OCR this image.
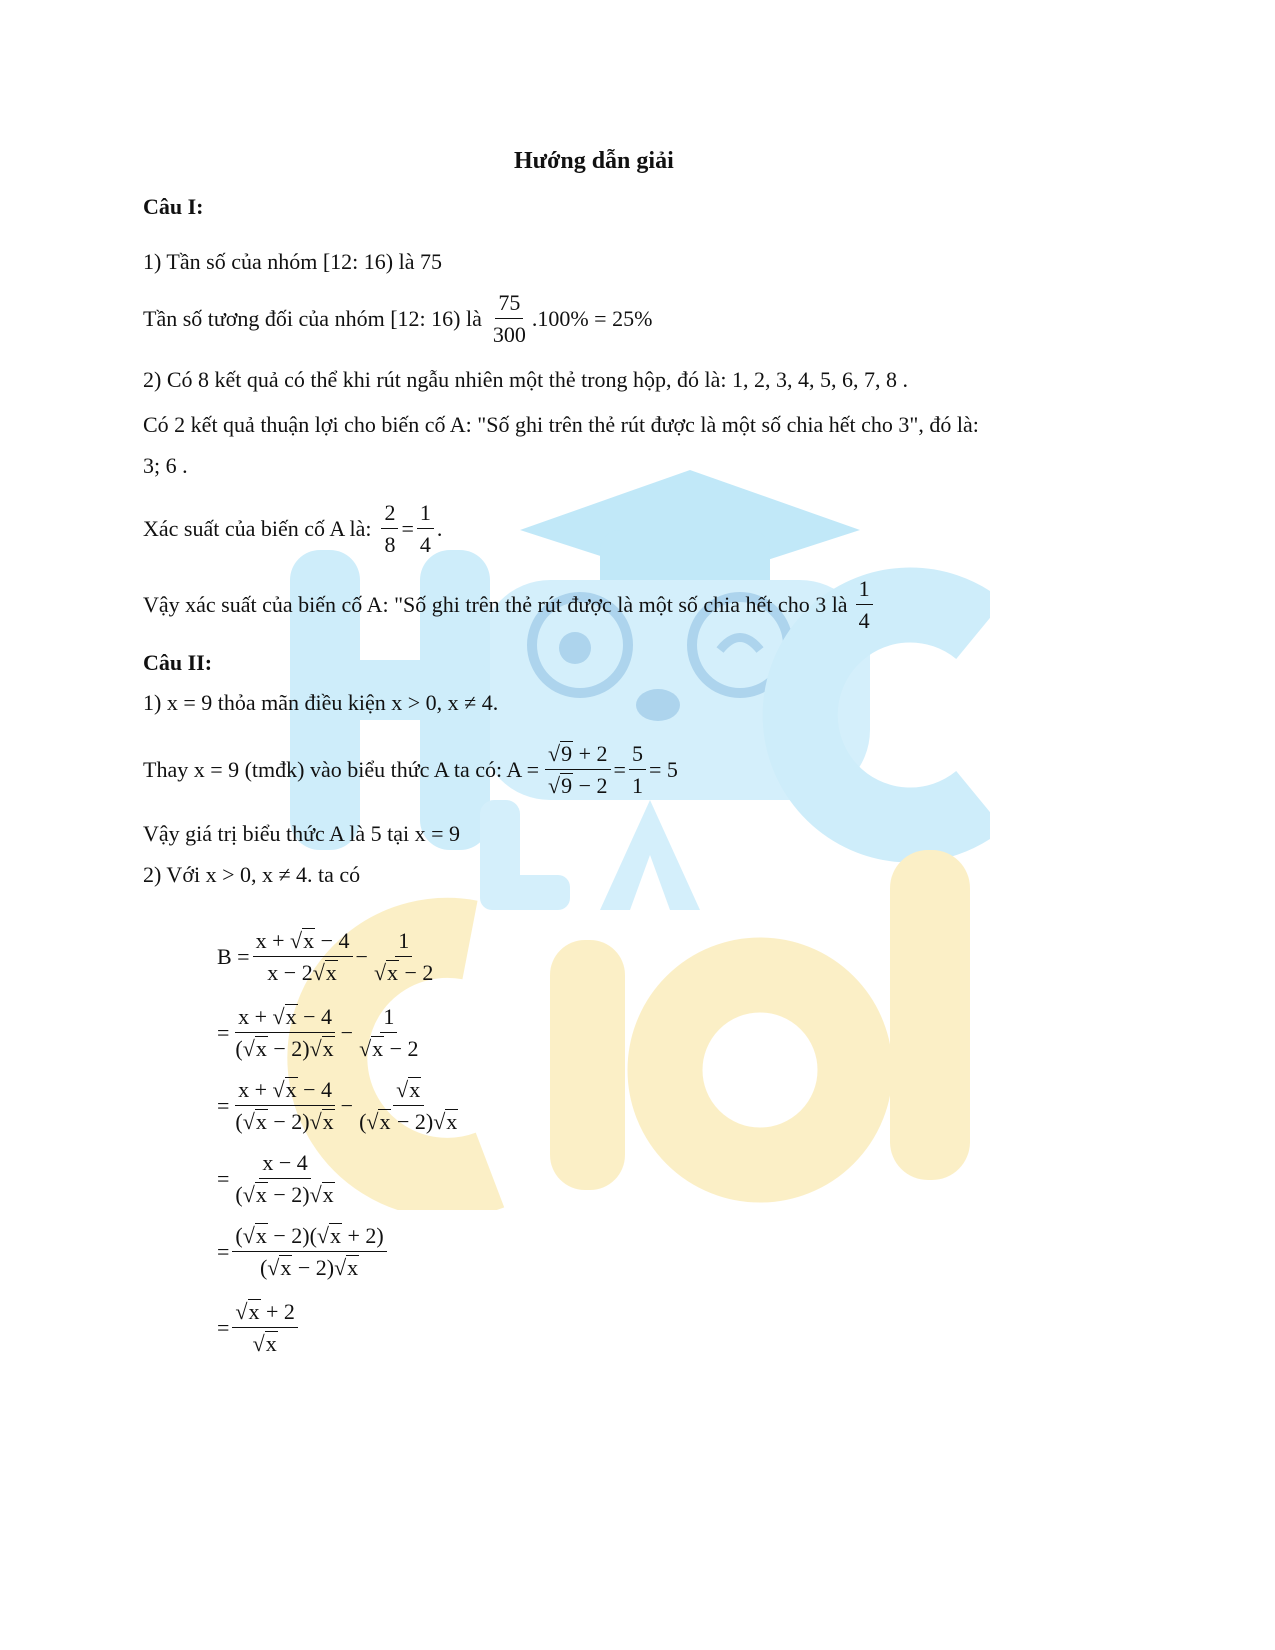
Hướng dẫn giải
Câu I:
1) Tần số của nhóm [12: 16) là 75
Tần số tương đối của nhóm [12: 16) là $\frac{75}{300} .100\% = 25\%$
2) Có 8 kết quả có thể khi rút ngẫu nhiên một thẻ trong hộp, đó là: 1, 2, 3, 4, 5, 6, 7, 8 .
Có 2 kết quả thuận lợi cho biến cố A: "Số ghi trên thẻ rút được là một số chia hết cho 3", đó là:
3; 6 .
Xác suất của biến cố A là: $\frac{2}{8} = \frac{1}{4}$ .
Vậy xác suất của biến cố A: "Số ghi trên thẻ rút được là một số chia hết cho 3 là $\frac{1}{4}$
Câu II:
1) x = 9 thỏa mãn điều kiện x > 0, x ≠ 4.
Thay x = 9 (tmđk) vào biểu thức A ta có: $A = \frac{√9 + 2}{√9 - 2} = \frac{5}{1} = 5$
Vậy giá trị biểu thức A là 5 tại x = 9
2) Với x > 0, x ≠ 4. ta có
$B = \frac{x + √x - 4}{x - 2√x} - \frac{1}{√x - 2}$
= $\frac{x + √x - 4}{(√x - 2)√x} - \frac{1}{√x - 2}$
= $\frac{x + √x - 4}{(√x - 2)√x} - \frac{√x}{(√x - 2)√x}$
= $\frac{x - 4}{(√x - 2)√x}$
= $\frac{(√x - 2)(√x + 2)}{(√x - 2)√x}$
= $\frac{√x + 2}{√x}$
